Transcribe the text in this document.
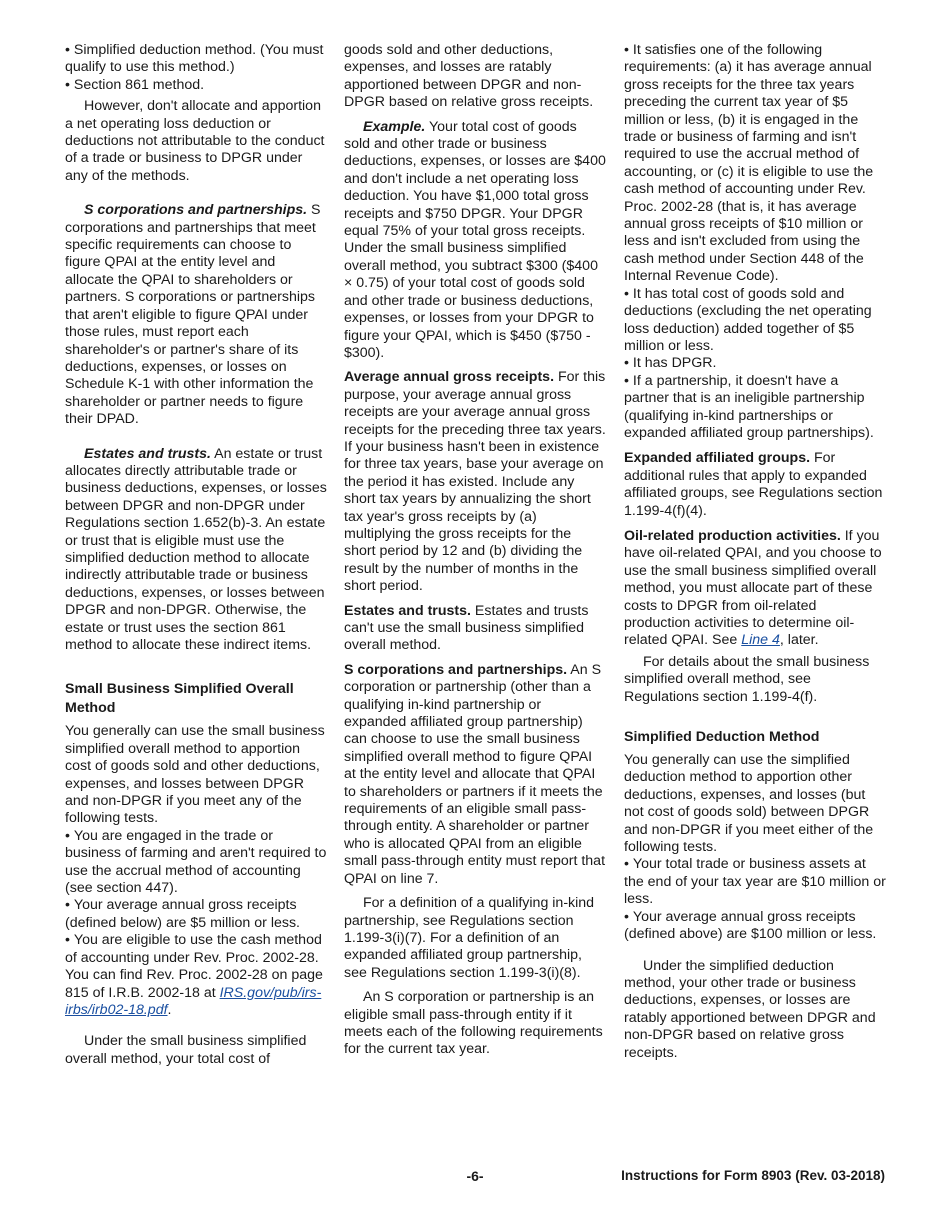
• Simplified deduction method. (You must qualify to use this method.)

• Section 861 method.

However, don't allocate and apportion a net operating loss deduction or deductions not attributable to the conduct of a trade or business to DPGR under any of the methods.

S corporations and partnerships. S corporations and partnerships that meet specific requirements can choose to figure QPAI at the entity level and allocate the QPAI to shareholders or partners. S corporations or partnerships that aren't eligible to figure QPAI under those rules, must report each shareholder's or partner's share of its deductions, expenses, or losses on Schedule K-1 with other information the shareholder or partner needs to figure their DPAD.

Estates and trusts. An estate or trust allocates directly attributable trade or business deductions, expenses, or losses between DPGR and non-DPGR under Regulations section 1.652(b)-3. An estate or trust that is eligible must use the simplified deduction method to allocate indirectly attributable trade or business deductions, expenses, or losses between DPGR and non-DPGR. Otherwise, the estate or trust uses the section 861 method to allocate these indirect items.

Small Business Simplified Overall Method

You generally can use the small business simplified overall method to apportion cost of goods sold and other deductions, expenses, and losses between DPGR and non-DPGR if you meet any of the following tests.

• You are engaged in the trade or business of farming and aren't required to use the accrual method of accounting (see section 447).

• Your average annual gross receipts (defined below) are $5 million or less.

• You are eligible to use the cash method of accounting under Rev. Proc. 2002-28. You can find Rev. Proc. 2002-28 on page 815 of I.R.B. 2002-18 at IRS.gov/pub/irs-irbs/irb02-18.pdf.

Under the small business simplified overall method, your total cost of

goods sold and other deductions, expenses, and losses are ratably apportioned between DPGR and non-DPGR based on relative gross receipts.

Example. Your total cost of goods sold and other trade or business deductions, expenses, or losses are $400 and don't include a net operating loss deduction. You have $1,000 total gross receipts and $750 DPGR. Your DPGR equal 75% of your total gross receipts. Under the small business simplified overall method, you subtract $300 ($400 × 0.75) of your total cost of goods sold and other trade or business deductions, expenses, or losses from your DPGR to figure your QPAI, which is $450 ($750 - $300).

Average annual gross receipts. For this purpose, your average annual gross receipts are your average annual gross receipts for the preceding three tax years. If your business hasn't been in existence for three tax years, base your average on the period it has existed. Include any short tax years by annualizing the short tax year's gross receipts by (a) multiplying the gross receipts for the short period by 12 and (b) dividing the result by the number of months in the short period.

Estates and trusts. Estates and trusts can't use the small business simplified overall method.

S corporations and partnerships. An S corporation or partnership (other than a qualifying in-kind partnership or expanded affiliated group partnership) can choose to use the small business simplified overall method to figure QPAI at the entity level and allocate that QPAI to shareholders or partners if it meets the requirements of an eligible small pass-through entity. A shareholder or partner who is allocated QPAI from an eligible small pass-through entity must report that QPAI on line 7.

For a definition of a qualifying in-kind partnership, see Regulations section 1.199-3(i)(7). For a definition of an expanded affiliated group partnership, see Regulations section 1.199-3(i)(8).

An S corporation or partnership is an eligible small pass-through entity if it meets each of the following requirements for the current tax year.

• It satisfies one of the following requirements: (a) it has average annual gross receipts for the three tax years preceding the current tax year of $5 million or less, (b) it is engaged in the trade or business of farming and isn't required to use the accrual method of accounting, or (c) it is eligible to use the cash method of accounting under Rev. Proc. 2002-28 (that is, it has average annual gross receipts of $10 million or less and isn't excluded from using the cash method under Section 448 of the Internal Revenue Code).

• It has total cost of goods sold and deductions (excluding the net operating loss deduction) added together of $5 million or less.

• It has DPGR.

• If a partnership, it doesn't have a partner that is an ineligible partnership (qualifying in-kind partnerships or expanded affiliated group partnerships).

Expanded affiliated groups. For additional rules that apply to expanded affiliated groups, see Regulations section 1.199-4(f)(4).

Oil-related production activities. If you have oil-related QPAI, and you choose to use the small business simplified overall method, you must allocate part of these costs to DPGR from oil-related production activities to determine oil-related QPAI. See Line 4, later.

For details about the small business simplified overall method, see Regulations section 1.199-4(f).

Simplified Deduction Method

You generally can use the simplified deduction method to apportion other deductions, expenses, and losses (but not cost of goods sold) between DPGR and non-DPGR if you meet either of the following tests.

• Your total trade or business assets at the end of your tax year are $10 million or less.

• Your average annual gross receipts (defined above) are $100 million or less.

Under the simplified deduction method, your other trade or business deductions, expenses, or losses are ratably apportioned between DPGR and non-DPGR based on relative gross receipts.

-6-	Instructions for Form 8903 (Rev. 03-2018)
